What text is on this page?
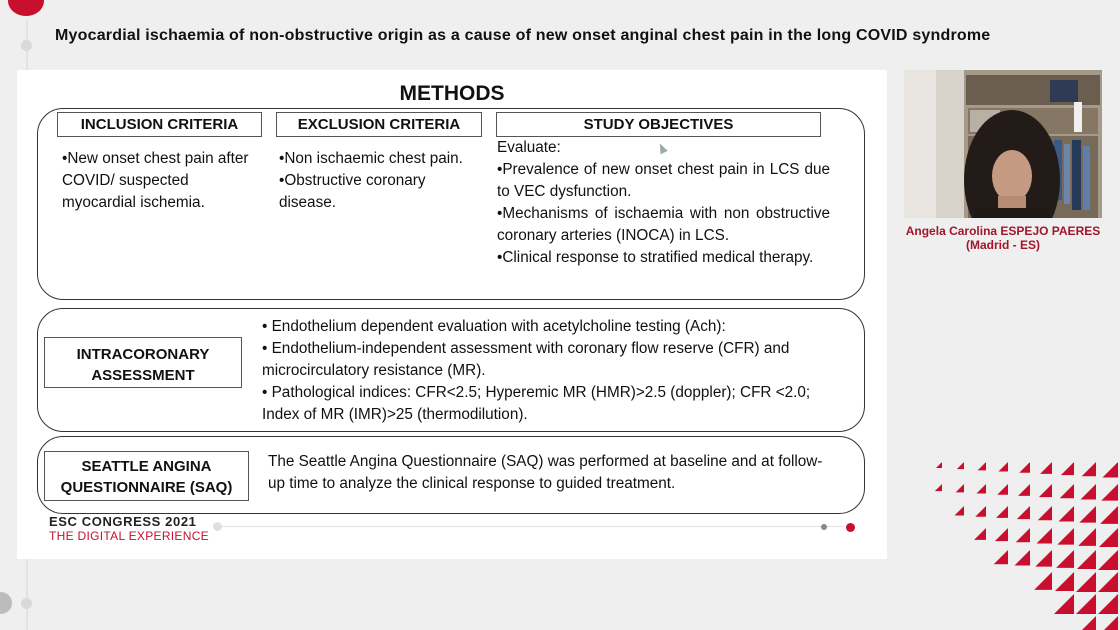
Myocardial ischaemia of non-obstructive origin as a cause of new onset anginal chest pain in the long COVID syndrome
METHODS
INCLUSION CRITERIA	EXCLUSION CRITERIA	STUDY OBJECTIVES
•New onset chest pain after COVID/ suspected myocardial ischemia.
•Non ischaemic chest pain.
•Obstructive coronary disease.
Evaluate:
•Prevalence of new onset chest pain in LCS due to VEC dysfunction.
•Mechanisms of ischaemia with non obstructive coronary arteries (INOCA) in LCS.
•Clinical response to stratified medical therapy.
INTRACORONARY ASSESSMENT
• Endothelium dependent evaluation with acetylcholine testing (Ach):
• Endothelium-independent assessment with coronary flow reserve (CFR) and microcirculatory resistance (MR).
• Pathological indices: CFR<2.5; Hyperemic MR (HMR)>2.5 (doppler); CFR <2.0; Index of MR (IMR)>25 (thermodilution).
SEATTLE ANGINA QUESTIONNAIRE (SAQ)
The Seattle Angina Questionnaire (SAQ) was performed at baseline and at follow-up time to analyze the clinical response to guided treatment.
ESC CONGRESS 2021
THE DIGITAL EXPERIENCE
Angela Carolina ESPEJO PAERES
(Madrid - ES)
